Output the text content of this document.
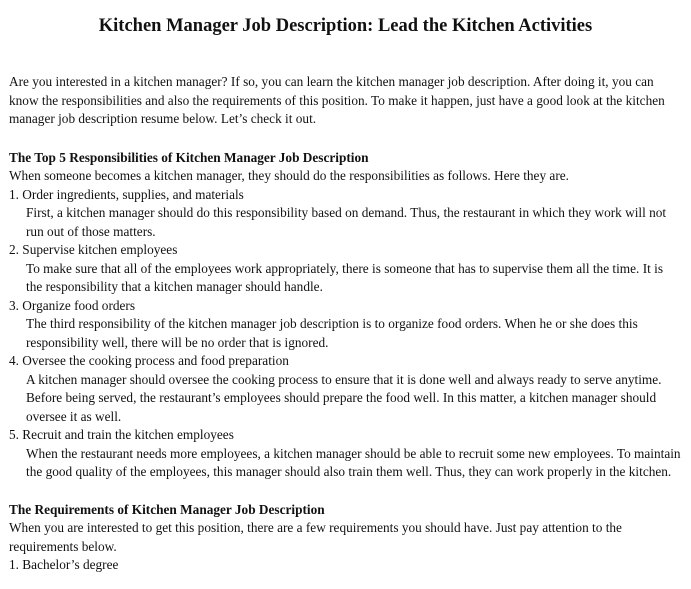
Kitchen Manager Job Description: Lead the Kitchen Activities

Are you interested in a kitchen manager? If so, you can learn the kitchen manager job description. After doing it, you can know the responsibilities and also the requirements of this position. To make it happen, just have a good look at the kitchen manager job description resume below. Let’s check it out.

The Top 5 Responsibilities of Kitchen Manager Job Description

When someone becomes a kitchen manager, they should do the responsibilities as follows. Here they are.

1. Order ingredients, supplies, and materials

First, a kitchen manager should do this responsibility based on demand. Thus, the restaurant in which they work will not run out of those matters.

2. Supervise kitchen employees

To make sure that all of the employees work appropriately, there is someone that has to supervise them all the time. It is the responsibility that a kitchen manager should handle.

3. Organize food orders

The third responsibility of the kitchen manager job description is to organize food orders. When he or she does this responsibility well, there will be no order that is ignored.

4. Oversee the cooking process and food preparation

A kitchen manager should oversee the cooking process to ensure that it is done well and always ready to serve anytime. Before being served, the restaurant’s employees should prepare the food well. In this matter, a kitchen manager should oversee it as well.

5. Recruit and train the kitchen employees

When the restaurant needs more employees, a kitchen manager should be able to recruit some new employees. To maintain the good quality of the employees, this manager should also train them well. Thus, they can work properly in the kitchen.

The Requirements of Kitchen Manager Job Description

When you are interested to get this position, there are a few requirements you should have. Just pay attention to the requirements below.

1. Bachelor’s degree
